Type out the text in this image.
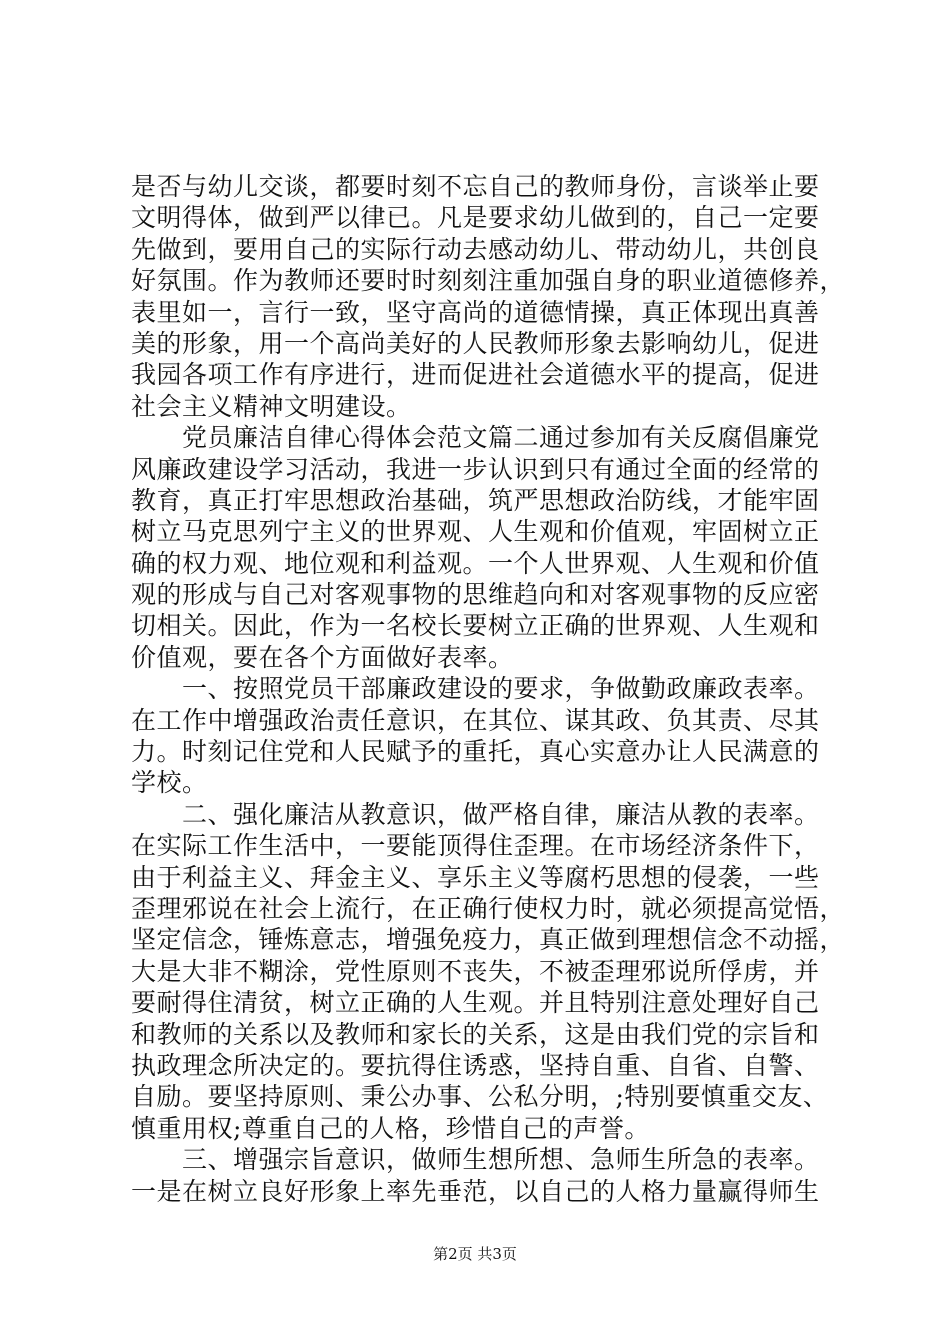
是否与幼儿交谈，都要时刻不忘自己的教师身份，言谈举止要
文明得体，做到严以律已。凡是要求幼儿做到的，自己一定要
先做到，要用自己的实际行动去感动幼儿、带动幼儿，共创良
好氛围。作为教师还要时时刻刻注重加强自身的职业道德修养，
表里如一，言行一致，坚守高尚的道德情操，真正体现出真善
美的形象，用一个高尚美好的人民教师形象去影响幼儿，促进
我园各项工作有序进行，进而促进社会道德水平的提高，促进
社会主义精神文明建设。
　　党员廉洁自律心得体会范文篇二通过参加有关反腐倡廉党
风廉政建设学习活动，我进一步认识到只有通过全面的经常的
教育，真正打牢思想政治基础，筑严思想政治防线，才能牢固
树立马克思列宁主义的世界观、人生观和价值观，牢固树立正
确的权力观、地位观和利益观。一个人世界观、人生观和价值
观的形成与自己对客观事物的思维趋向和对客观事物的反应密
切相关。因此，作为一名校长要树立正确的世界观、人生观和
价值观，要在各个方面做好表率。
　　一、按照党员干部廉政建设的要求，争做勤政廉政表率。
在工作中增强政治责任意识，在其位、谋其政、负其责、尽其
力。时刻记住党和人民赋予的重托，真心实意办让人民满意的
学校。
　　二、强化廉洁从教意识，做严格自律，廉洁从教的表率。
在实际工作生活中，一要能顶得住歪理。在市场经济条件下，
由于利益主义、拜金主义、享乐主义等腐朽思想的侵袭，一些
歪理邪说在社会上流行，在正确行使权力时，就必须提高觉悟，
坚定信念，锤炼意志，增强免疫力，真正做到理想信念不动摇，
大是大非不糊涂，党性原则不丧失，不被歪理邪说所俘虏，并
要耐得住清贫，树立正确的人生观。并且特别注意处理好自己
和教师的关系以及教师和家长的关系，这是由我们党的宗旨和
执政理念所决定的。要抗得住诱惑，坚持自重、自省、自警、
自励。要坚持原则、秉公办事、公私分明，;特别要慎重交友、
慎重用权;尊重自己的人格，珍惜自己的声誉。
　　三、增强宗旨意识，做师生想所想、急师生所急的表率。
一是在树立良好形象上率先垂范，以自己的人格力量赢得师生
第2页 共3页
